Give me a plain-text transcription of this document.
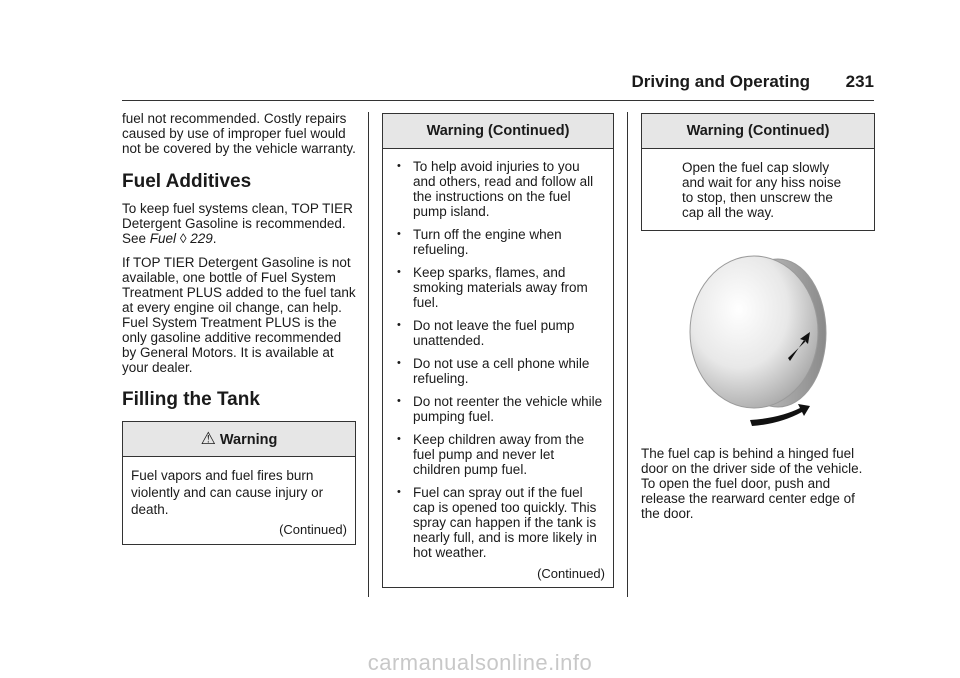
Driving and Operating 231

fuel not recommended. Costly repairs caused by use of improper fuel would not be covered by the vehicle warranty.

Fuel Additives

To keep fuel systems clean, TOP TIER Detergent Gasoline is recommended. See Fuel ◊ 229.

If TOP TIER Detergent Gasoline is not available, one bottle of Fuel System Treatment PLUS added to the fuel tank at every engine oil change, can help. Fuel System Treatment PLUS is the only gasoline additive recommended by General Motors. It is available at your dealer.

Filling the Tank
⚠ Warning
Fuel vapors and fuel fires burn violently and can cause injury or death.
(Continued)
Warning (Continued)
• To help avoid injuries to you and others, read and follow all the instructions on the fuel pump island.
• Turn off the engine when refueling.
• Keep sparks, flames, and smoking materials away from fuel.
• Do not leave the fuel pump unattended.
• Do not use a cell phone while refueling.
• Do not reenter the vehicle while pumping fuel.
• Keep children away from the fuel pump and never let children pump fuel.
• Fuel can spray out if the fuel cap is opened too quickly. This spray can happen if the tank is nearly full, and is more likely in hot weather.
(Continued)
Warning (Continued)
Open the fuel cap slowly and wait for any hiss noise to stop, then unscrew the cap all the way.
The fuel cap is behind a hinged fuel door on the driver side of the vehicle. To open the fuel door, push and release the rearward center edge of the door.
carmanualsonline.info
